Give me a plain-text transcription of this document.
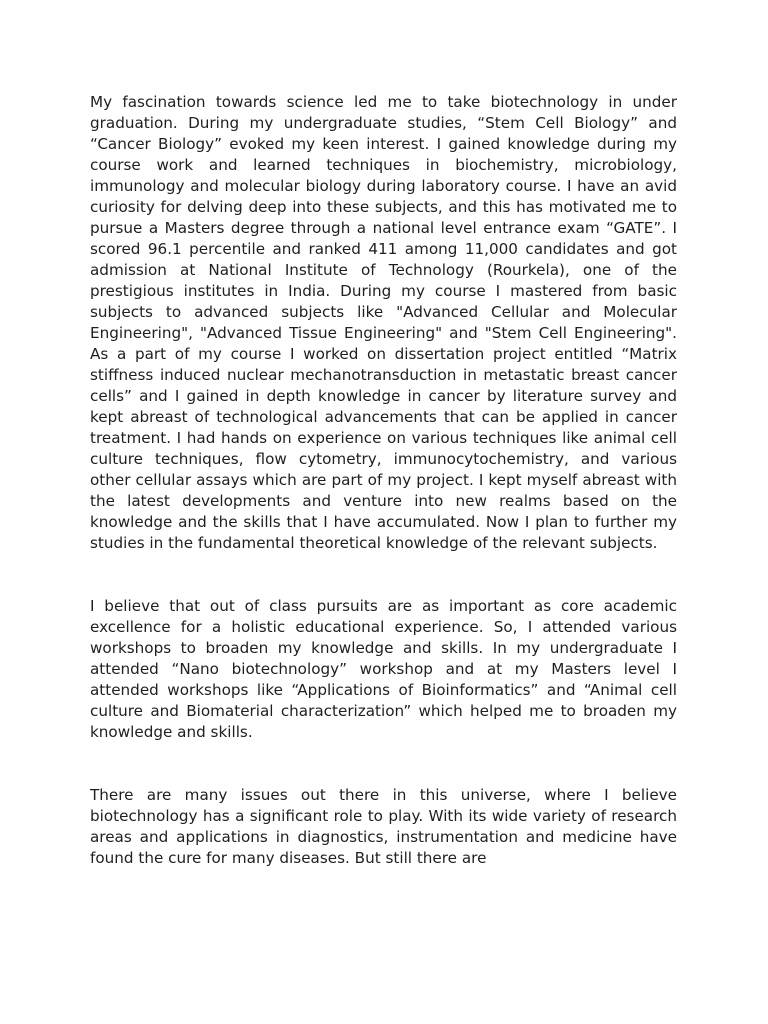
My fascination towards science led me to take biotechnology in under graduation. During my undergraduate studies, “Stem Cell Biology” and “Cancer Biology” evoked my keen interest. I gained knowledge during my course work and learned techniques in biochemistry, microbiology, immunology and molecular biology during laboratory course. I have an avid curiosity for delving deep into these subjects, and this has motivated me to pursue a Masters degree through a national level entrance exam “GATE”. I scored 96.1 percentile and ranked 411 among 11,000 candidates and got admission at National Institute of Technology (Rourkela), one of the prestigious institutes in India. During my course I mastered from basic subjects to advanced subjects like "Advanced Cellular and Molecular Engineering", "Advanced Tissue Engineering" and "Stem Cell Engineering". As a part of my course I worked on dissertation project entitled “Matrix stiffness induced nuclear mechanotransduction in metastatic breast cancer cells” and I gained in depth knowledge in cancer by literature survey and kept abreast of technological advancements that can be applied in cancer treatment. I had hands on experience on various techniques like animal cell culture techniques, flow cytometry, immunocytochemistry, and various other cellular assays which are part of my project. I kept myself abreast with the latest developments and venture into new realms based on the knowledge and the skills that I have accumulated. Now I plan to further my studies in the fundamental theoretical knowledge of the relevant subjects.

I believe that out of class pursuits are as important as core academic excellence for a holistic educational experience. So, I attended various workshops to broaden my knowledge and skills. In my undergraduate I attended “Nano biotechnology” workshop and at my Masters level I attended workshops like “Applications of Bioinformatics” and “Animal cell culture and Biomaterial characterization” which helped me to broaden my knowledge and skills.

There are many issues out there in this universe, where I believe biotechnology has a significant role to play. With its wide variety of research areas and applications in diagnostics, instrumentation and medicine have found the cure for many diseases. But still there are
